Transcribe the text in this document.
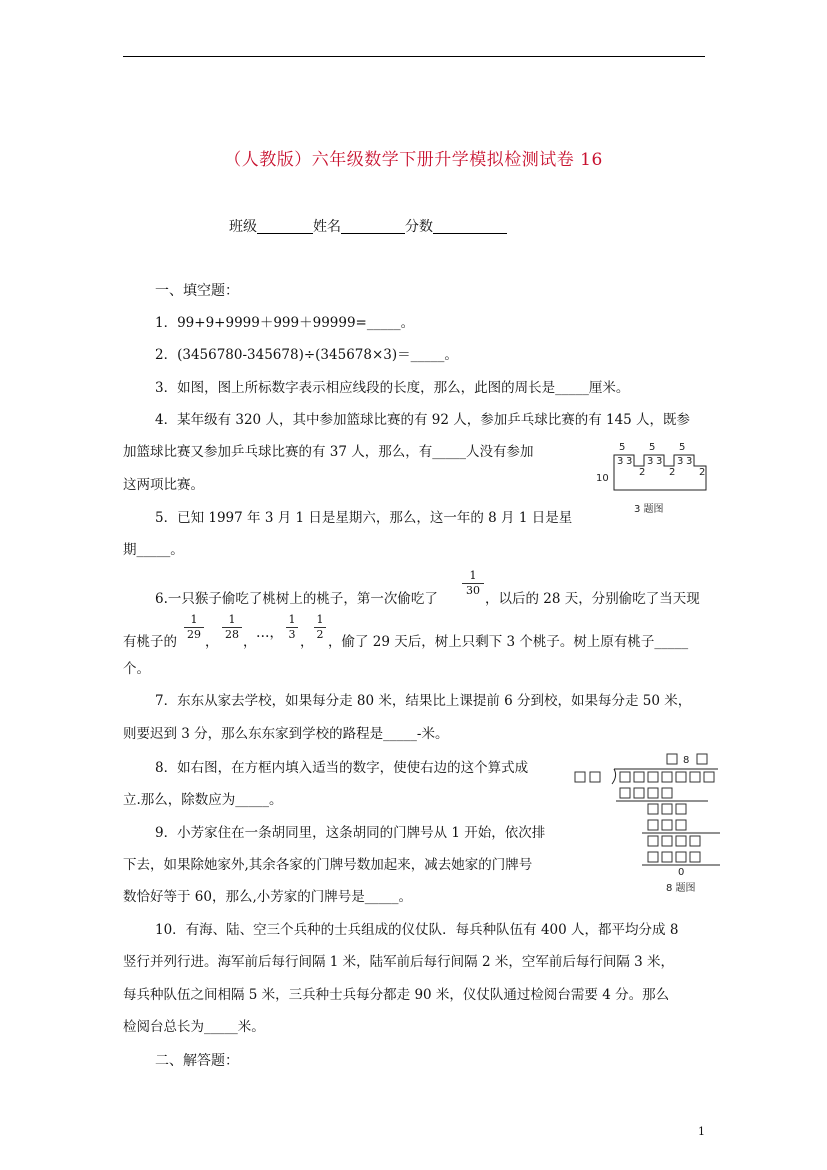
（人教版）六年级数学下册升学模拟检测试卷 16
班级	姓名	分数
一、填空题：
1．99+9+9999＋999＋99999=_____。
2．(3456780-345678)÷(345678×3)＝_____。
3．如图，图上所标数字表示相应线段的长度，那么，此图的周长是_____厘米。
4．某年级有 320 人，其中参加篮球比赛的有 92 人，参加乒乓球比赛的有 145 人，既参
加篮球比赛又参加乒乓球比赛的有 37 人，那么，有_____人没有参加
这两项比赛。
5．已知 1997 年 3 月 1 日是星期六，那么，这一年的 8 月 1 日是星
期_____。
6.一只猴子偷吃了桃树上的桃子，第一次偷吃了
1
30
，以后的 28 天，分别偷吃了当天现
有桃子的
1
29 ，
1
28 ，
…，
1
3 ，
1
2 ，偷了 29 天后，树上只剩下 3 个桃子。树上原有桃子_____
个。
7．东东从家去学校，如果每分走 80 米，结果比上课提前 6 分到校，如果每分走 50 米，
则要迟到 3 分，那么东东家到学校的路程是_____-米。
8．如右图，在方框内填入适当的数字，使使右边的这个算式成
立.那么，除数应为_____。
9．小芳家住在一条胡同里，这条胡同的门牌号从 1 开始，依次排
下去，如果除她家外,其余各家的门牌号数加起来，减去她家的门牌号
数恰好等于 60，那么,小芳家的门牌号是_____。
10．有海、陆、空三个兵种的士兵组成的仪仗队．每兵种队伍有 400 人，都平均分成 8
竖行并列行进。海军前后每行间隔 1 米，陆军前后每行间隔 2 米，空军前后每行间隔 3 米，
每兵种队伍之间相隔 5 米，三兵种士兵每分都走 90 米，仪仗队通过检阅台需要 4 分。那么
检阅台总长为_____米。
二、解答题：
5 5 5
3 3 3 3 3 3
2 2 2
10
3 题图
8
0
8 题图
1
